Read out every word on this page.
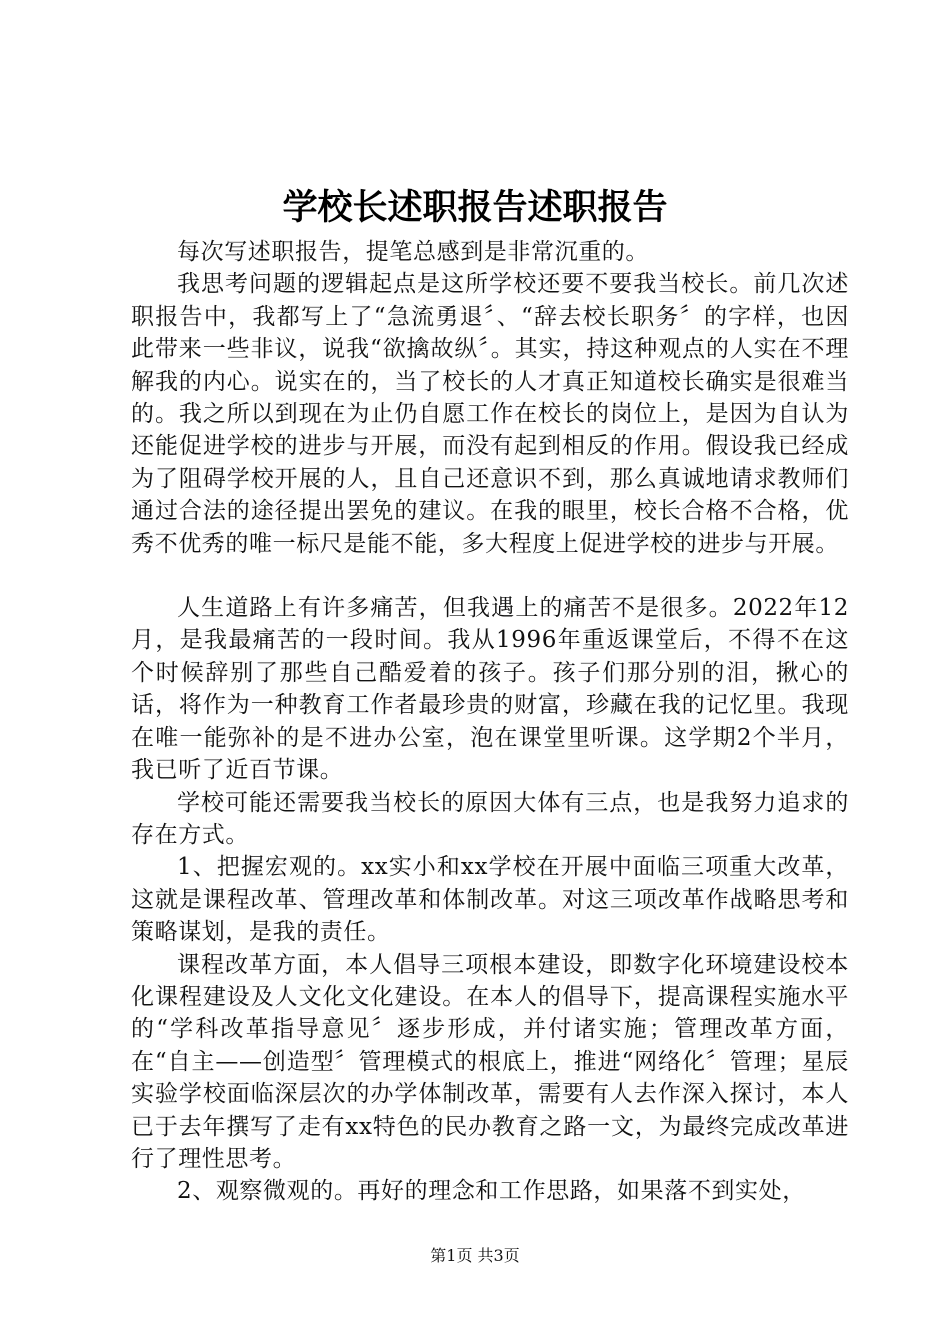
学校长述职报告述职报告

每次写述职报告，提笔总感到是非常沉重的。

我思考问题的逻辑起点是这所学校还要不要我当校长。前几次述职报告中，我都写上了“急流勇退〞、“辞去校长职务〞的字样，也因此带来一些非议，说我“欲擒故纵〞。其实，持这种观点的人实在不理解我的内心。说实在的，当了校长的人才真正知道校长确实是很难当的。我之所以到现在为止仍自愿工作在校长的岗位上，是因为自认为还能促进学校的进步与开展，而没有起到相反的作用。假设我已经成为了阻碍学校开展的人，且自己还意识不到，那么真诚地请求教师们通过合法的途径提出罢免的建议。在我的眼里，校长合格不合格，优秀不优秀的唯一标尺是能不能，多大程度上促进学校的进步与开展。

人生道路上有许多痛苦，但我遇上的痛苦不是很多。2022年12月，是我最痛苦的一段时间。我从1996年重返课堂后，不得不在这个时候辞别了那些自己酷爱着的孩子。孩子们那分别的泪，揪心的话，将作为一种教育工作者最珍贵的财富，珍藏在我的记忆里。我现在唯一能弥补的是不进办公室，泡在课堂里听课。这学期2个半月，我已听了近百节课。

学校可能还需要我当校长的原因大体有三点，也是我努力追求的存在方式。

1、把握宏观的。xx实小和xx学校在开展中面临三项重大改革，这就是课程改革、管理改革和体制改革。对这三项改革作战略思考和策略谋划，是我的责任。

课程改革方面，本人倡导三项根本建设，即数字化环境建设校本化课程建设及人文化文化建设。在本人的倡导下，提高课程实施水平的“学科改革指导意见〞逐步形成，并付诸实施；管理改革方面，在“自主——创造型〞管理模式的根底上，推进“网络化〞管理；星辰实验学校面临深层次的办学体制改革，需要有人去作深入探讨，本人已于去年撰写了走有xx特色的民办教育之路一文，为最终完成改革进行了理性思考。

2、观察微观的。再好的理念和工作思路，如果落不到实处，

第1页 共3页
